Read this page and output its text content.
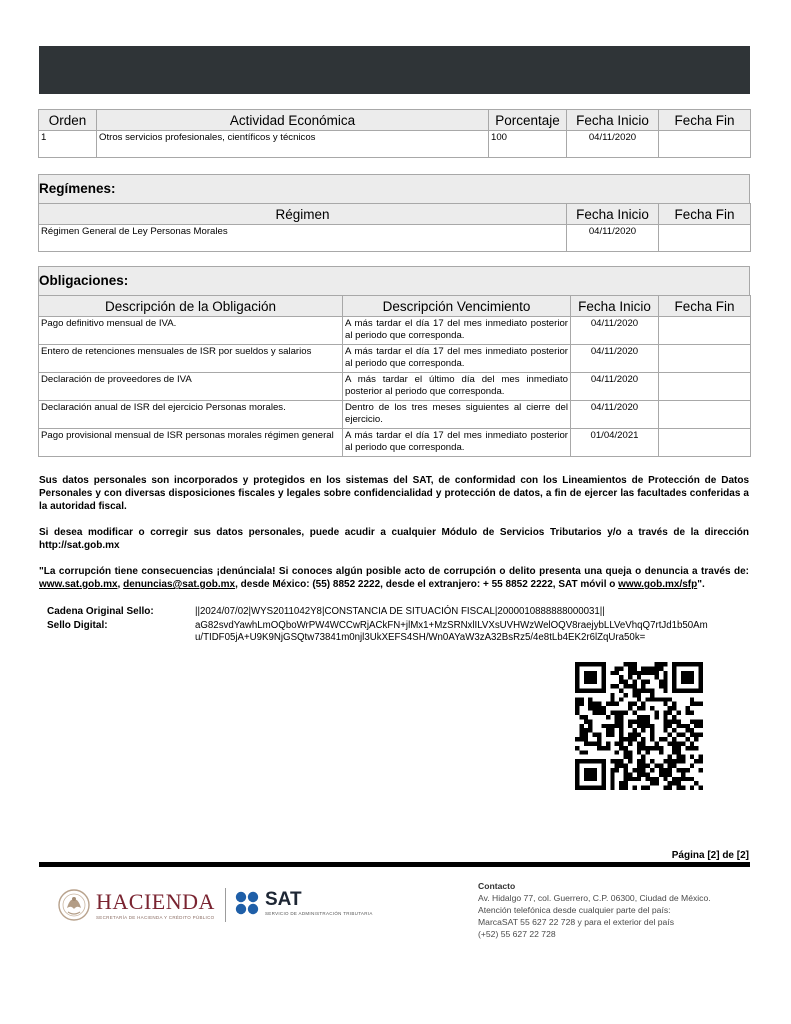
Orden	Actividad Económica	Porcentaje	Fecha Inicio	Fecha Fin
1	Otros servicios profesionales, científicos y técnicos	100	04/11/2020	
Regímenes:
Régimen	Fecha Inicio	Fecha Fin
Régimen General de Ley Personas Morales	04/11/2020	
Obligaciones:
Descripción de la Obligación	Descripción Vencimiento	Fecha Inicio	Fecha Fin
Pago definitivo mensual de IVA.	A más tardar el día 17 del mes inmediato posterior al periodo que corresponda.	04/11/2020	
Entero de retenciones mensuales de ISR por sueldos y salarios	A más tardar el día 17 del mes inmediato posterior al periodo que corresponda.	04/11/2020	
Declaración de proveedores de IVA	A más tardar el último día del mes inmediato posterior al periodo que corresponda.	04/11/2020	
Declaración anual de ISR del ejercicio Personas morales.	Dentro de los tres meses siguientes al cierre del ejercicio.	04/11/2020	
Pago provisional mensual de ISR personas morales régimen general	A más tardar el día 17 del mes inmediato posterior al periodo que corresponda.	01/04/2021	

Sus datos personales son incorporados y protegidos en los sistemas del SAT, de conformidad con los Lineamientos de Protección de Datos Personales y con diversas disposiciones fiscales y legales sobre confidencialidad y protección de datos, a fin de ejercer las facultades conferidas a la autoridad fiscal.

Si desea modificar o corregir sus datos personales, puede acudir a cualquier Módulo de Servicios Tributarios y/o a través de la dirección http://sat.gob.mx

"La corrupción tiene consecuencias ¡denúnciala! Si conoces algún posible acto de corrupción o delito presenta una queja o denuncia a través de: www.sat.gob.mx, denuncias@sat.gob.mx, desde México: (55) 8852 2222, desde el extranjero: + 55 8852 2222, SAT móvil o www.gob.mx/sfp".

Cadena Original Sello:	||2024/07/02|WYS2011042Y8|CONSTANCIA DE SITUACIÓN FISCAL|2000010888888000031||
Sello Digital:	aG82svdYawhLmOQboWrPW4WCCwRjACkFN+jlMx1+MzSRNxlILVXsUVHWzWelOQV8raejybLLVeVhqQ7rtJd1b50Amu/TIDF05jA+U9K9NjGSQtw73841m0njl3UkXEFS4SH/Wn0AYaW3zA32BsRz5/4e8tLb4EK2r6lZqUra50k=
Página [2] de [2]
HACIENDA
SECRETARÍA DE HACIENDA Y CRÉDITO PÚBLICO
SAT
SERVICIO DE ADMINISTRACIÓN TRIBUTARIA
Contacto
Av. Hidalgo 77, col. Guerrero, C.P. 06300, Ciudad de México.
Atención telefónica desde cualquier parte del país:
MarcaSAT 55 627 22 728 y para el exterior del país
(+52) 55 627 22 728
